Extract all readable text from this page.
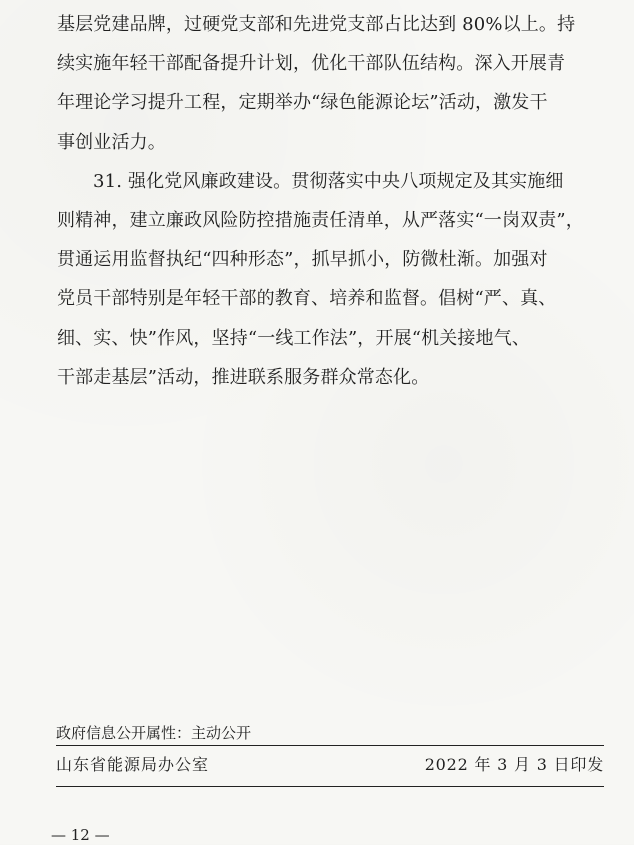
基层党建品牌，过硬党支部和先进党支部占比达到 80%以上。持
续实施年轻干部配备提升计划，优化干部队伍结构。深入开展青
年理论学习提升工程，定期举办“绿色能源论坛”活动，激发干
事创业活力。
31. 强化党风廉政建设。贯彻落实中央八项规定及其实施细
则精神，建立廉政风险防控措施责任清单，从严落实“一岗双责”，
贯通运用监督执纪“四种形态”，抓早抓小，防微杜渐。加强对
党员干部特别是年轻干部的教育、培养和监督。倡树“严、真、
细、实、快”作风，坚持“一线工作法”，开展“机关接地气、
干部走基层”活动，推进联系服务群众常态化。
政府信息公开属性：主动公开
山东省能源局办公室	2022 年 3 月 3 日印发
— 12 —
